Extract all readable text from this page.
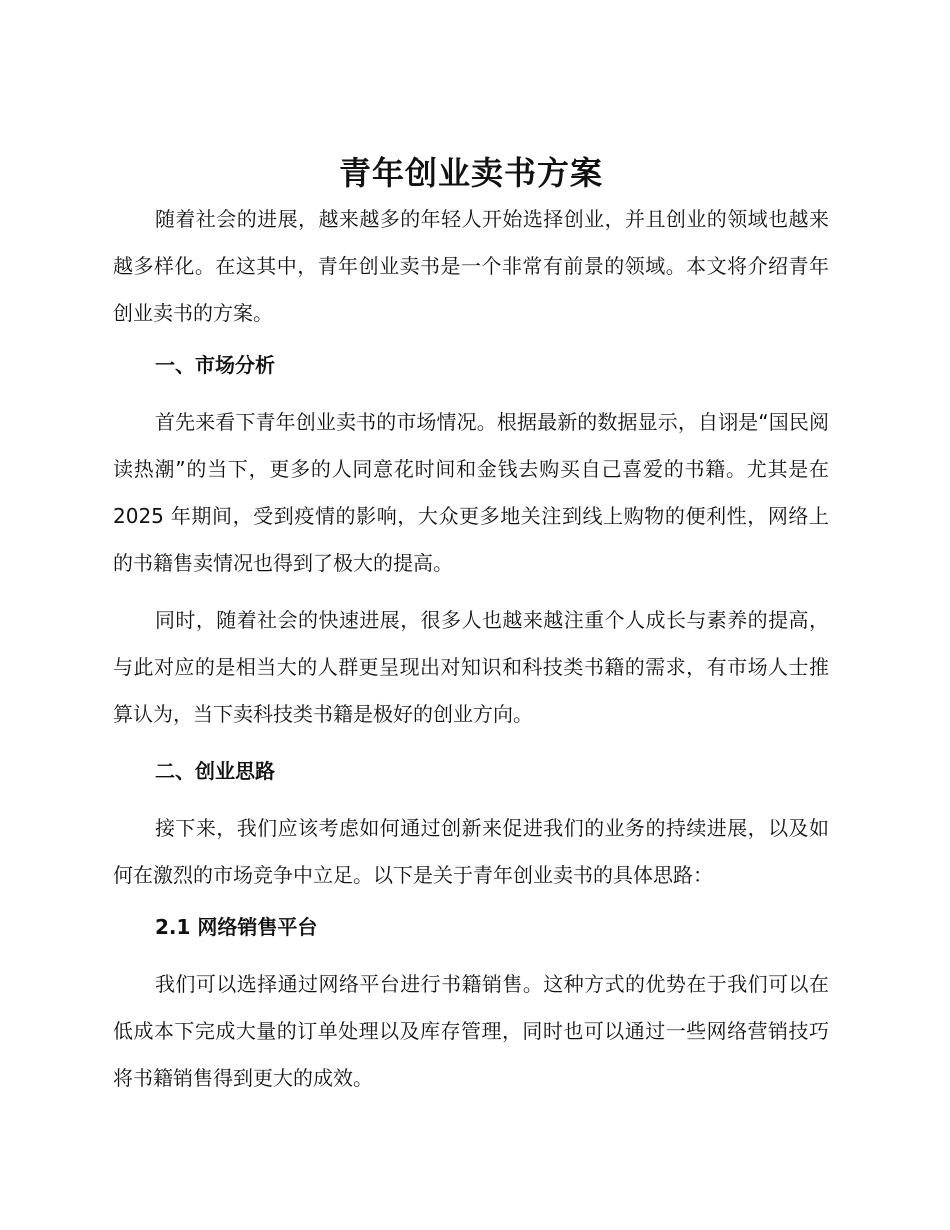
青年创业卖书方案

随着社会的进展，越来越多的年轻人开始选择创业，并且创业的领域也越来越多样化。在这其中，青年创业卖书是一个非常有前景的领域。本文将介绍青年创业卖书的方案。

一、市场分析

首先来看下青年创业卖书的市场情况。根据最新的数据显示，自诩是“国民阅读热潮”的当下，更多的人同意花时间和金钱去购买自己喜爱的书籍。尤其是在 2025 年期间，受到疫情的影响，大众更多地关注到线上购物的便利性，网络上的书籍售卖情况也得到了极大的提高。

同时，随着社会的快速进展，很多人也越来越注重个人成长与素养的提高，与此对应的是相当大的人群更呈现出对知识和科技类书籍的需求，有市场人士推算认为，当下卖科技类书籍是极好的创业方向。

二、创业思路

接下来，我们应该考虑如何通过创新来促进我们的业务的持续进展，以及如何在激烈的市场竞争中立足。以下是关于青年创业卖书的具体思路：

2.1 网络销售平台

我们可以选择通过网络平台进行书籍销售。这种方式的优势在于我们可以在低成本下完成大量的订单处理以及库存管理，同时也可以通过一些网络营销技巧将书籍销售得到更大的成效。
